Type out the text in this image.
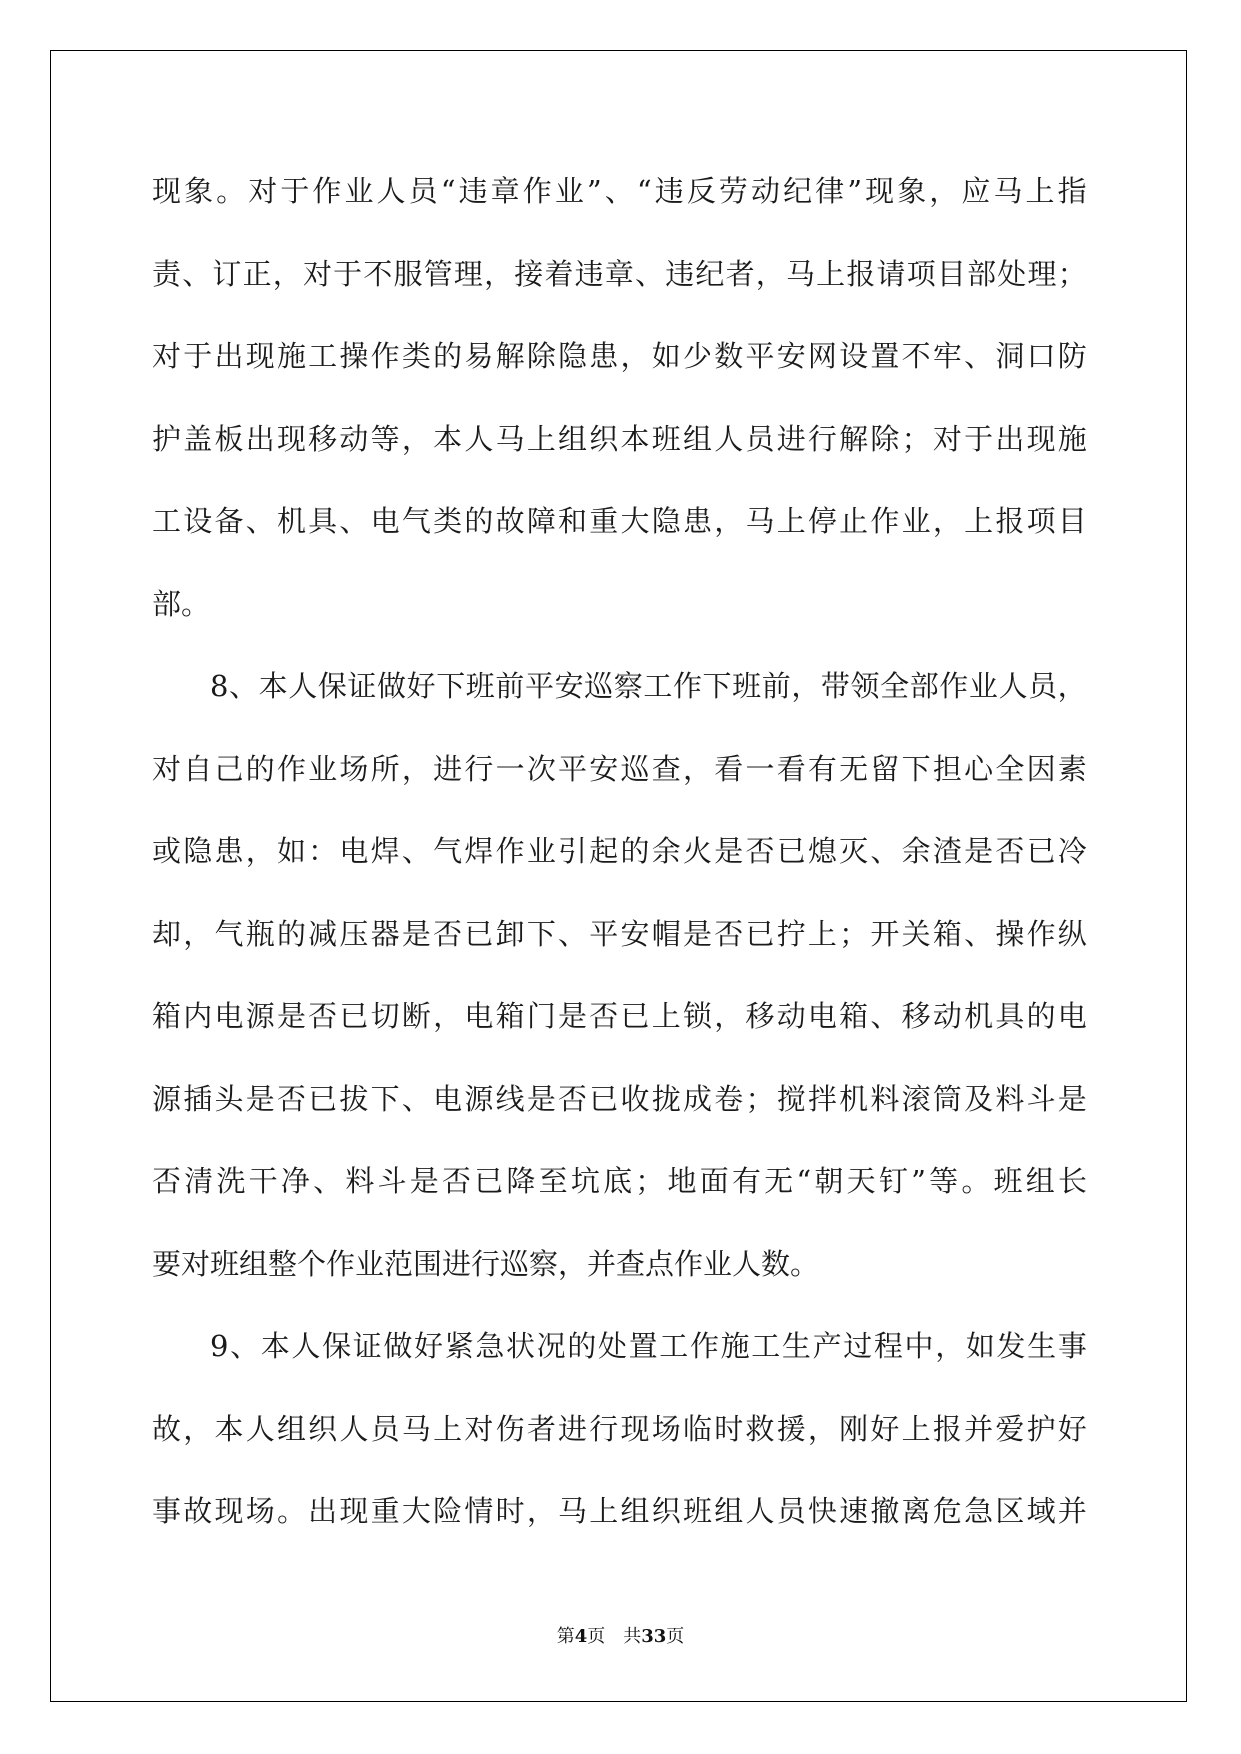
现 象 。 对 于 作 业 人 员 “ 违 章 作 业 ” 、 “ 违 反 劳 动 纪 律 ” 现 象 ， 应 马 上 指
责 、 订 正 ， 对 于 不 服 管 理 ， 接 着 违 章 、 违 纪 者 ， 马 上 报 请 项 目 部 处 理 ；
对 于 出 现 施 工 操 作 类 的 易 解 除 隐 患 ， 如 少 数 平 安 网 设 置 不 牢 、 洞 口 防
护 盖 板 出 现 移 动 等 ， 本 人 马 上 组 织 本 班 组 人 员 进 行 解 除 ； 对 于 出 现 施
工 设 备 、 机 具 、 电 气 类 的 故 障 和 重 大 隐 患 ， 马 上 停 止 作 业 ， 上 报 项 目
部。
8 、 本 人 保 证 做 好 下 班 前 平 安 巡 察 工 作 下 班 前 ， 带 领 全 部 作 业 人 员 ，
对 自 己 的 作 业 场 所 ， 进 行 一 次 平 安 巡 查 ， 看 一 看 有 无 留 下 担 心 全 因 素
或 隐 患 ， 如 ： 电 焊 、 气 焊 作 业 引 起 的 余 火 是 否 已 熄 灭 、 余 渣 是 否 已 冷
却 ， 气 瓶 的 减 压 器 是 否 已 卸 下 、 平 安 帽 是 否 已 拧 上 ； 开 关 箱 、 操 作 纵
箱 内 电 源 是 否 已 切 断 ， 电 箱 门 是 否 已 上 锁 ， 移 动 电 箱 、 移 动 机 具 的 电
源 插 头 是 否 已 拔 下 、 电 源 线 是 否 已 收 拢 成 卷 ； 搅 拌 机 料 滚 筒 及 料 斗 是
否 清 洗 干 净 、 料 斗 是 否 已 降 至 坑 底 ； 地 面 有 无 “ 朝 天 钉 ” 等 。 班 组 长
要对班组整个作业范围进行巡察，并查点作业人数。
9 、 本 人 保 证 做 好 紧 急 状 况 的 处 置 工 作 施 工 生 产 过 程 中 ， 如 发 生 事
故 ， 本 人 组 织 人 员 马 上 对 伤 者 进 行 现 场 临 时 救 援 ， 刚 好 上 报 并 爱 护 好
事 故 现 场 。 出 现 重 大 险 情 时 ， 马 上 组 织 班 组 人 员 快 速 撤 离 危 急 区 域 并
第4页 共33页
